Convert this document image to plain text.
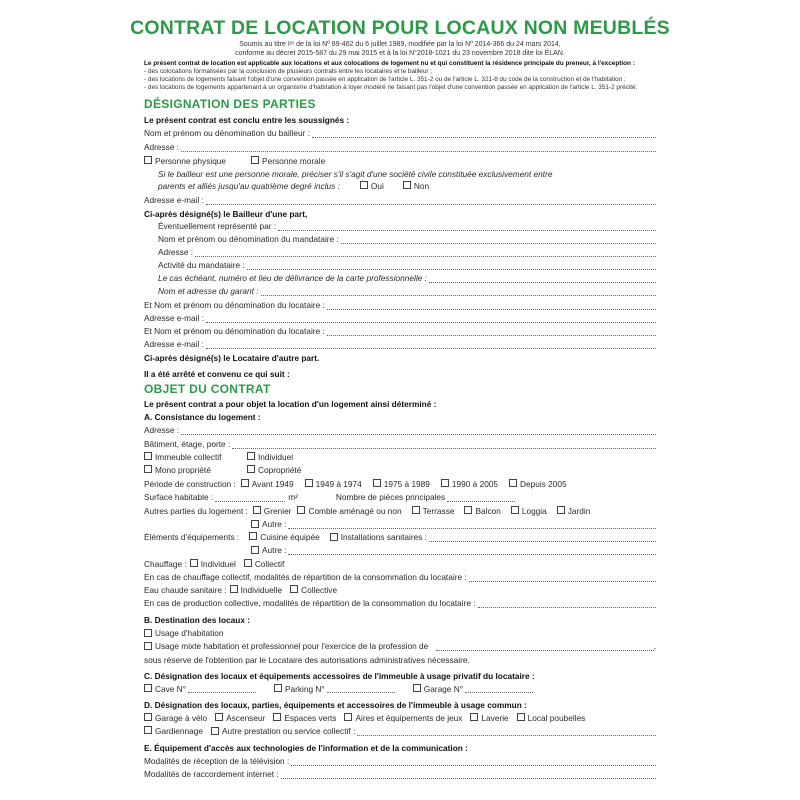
CONTRAT DE LOCATION POUR LOCAUX NON MEUBLÉS
Soumis au titre Iᵉʳ de la loi Nº 89-462 du 6 juillet 1989, modifiée par la loi Nº 2014-366 du 24 mars 2014,
conforme au décret 2015-587 du 29 mai 2015 et à la loi N°2018-1021 du 23 novembre 2018 dite loi ÉLAN.
Le présent contrat de location est applicable aux locations et aux colocations de logement nu et qui constituent la résidence principale du preneur, à l'exception :
- des colocations formalisées par la conclusion de plusieurs contrats entre les locataires et le bailleur ;
- des locations de logements faisant l'objet d'une convention passée en application de l'article L. 351-2 ou de l'article L. 321-8 du code de la construction et de l'habitation ;
- des locations de logements appartenant à un organisme d'habitation à loyer modéré ne faisant pas l'objet d'une convention passée en application de l'article L. 351-2 précité.
DÉSIGNATION DES PARTIES
Le présent contrat est conclu entre les soussignés :
Nom et prénom ou dénomination du bailleur :
Adresse :
Personne physique	Personne morale
Si le bailleur est une personne morale, préciser s'il s'agit d'une société civile constituée exclusivement entre
parents et alliés jusqu'au quatrième degré inclus :	Oui	Non
Adresse e-mail :
Ci-après désigné(s) le Bailleur d'une part,
Éventuellement représenté par :
Nom et prénom ou dénomination du mandataire :
Adresse :
Activité du mandataire :
Le cas échéant, numéro et lieu de délivrance de la carte professionnelle :
Nom et adresse du garant :
Et Nom et prénom ou dénomination du locataire :
Adresse e-mail :
Et Nom et prénom ou dénomination du locataire :
Adresse e-mail :
Ci-après désigné(s) le Locataire d'autre part.
Il a été arrêté et convenu ce qui suit :
OBJET DU CONTRAT
Le présent contrat a pour objet la location d'un logement ainsi déterminé :
A. Consistance du logement :
Adresse :
Bâtiment, étage, porte :
Immeuble collectif	Individuel
Mono propriété	Copropriété
Période de construction : Avant 1949	1949 à 1974	1975 à 1989	1990 à 2005	Depuis 2005
Surface habitable :	m²	Nombre de pièces principales
Autres parties du logement : Grenier Comble aménagé ou non	Terrasse	Balcon	Loggia	Jardin
Autre :
Éléments d'équipements :	Cuisine équipée	Installations sanitaires :
Autre :
Chauffage : Individuel Collectif
En cas de chauffage collectif, modalités de répartition de la consommation du locataire :
Eau chaude sanitaire : Individuelle Collective
En cas de production collective, modalités de répartition de la consommation du locataire :
B. Destination des locaux :
Usage d'habitation
Usage mixte habitation et professionnel pour l'exercice de la profession de	,
sous réserve de l'obtention par le Locataire des autorisations administratives nécessaire.
C. Désignation des locaux et équipements accessoires de l'immeuble à usage privatif du locataire :
Cave N°	Parking N°	Garage N°
D. Désignation des locaux, parties, équipements et accessoires de l'immeuble à usage commun :
Garage à vélo Ascenseur Espaces verts Aires et équipements de jeux Laverie Local poubelles
Gardiennage Autre prestation ou service collectif :
E. Équipement d'accès aux technologies de l'information et de la communication :
Modalités de réception de la télévision :
Modalités de raccordement internet :
